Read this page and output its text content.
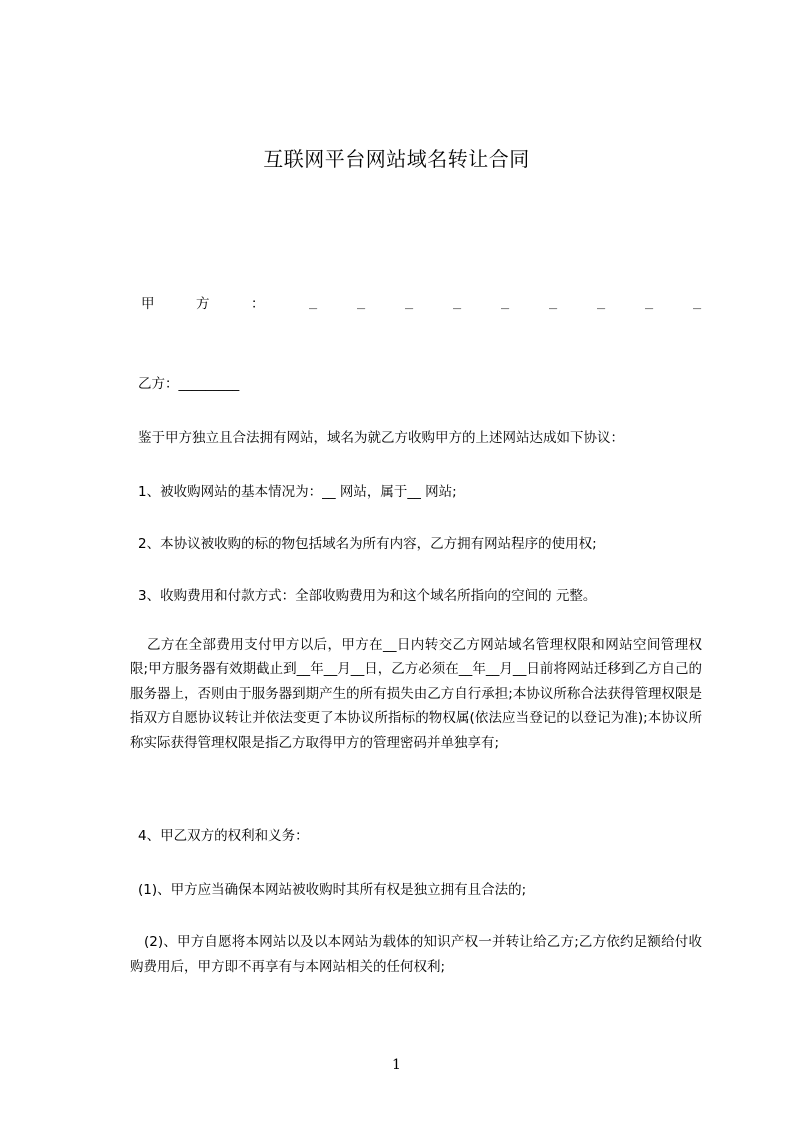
互联网平台网站域名转让合同
甲	方	：	_	_	_	_	_	_	_	_	_
乙方：_________
鉴于甲方独立且合法拥有网站，域名为就乙方收购甲方的上述网站达成如下协议：
1、被收购网站的基本情况为：__ 网站，属于__ 网站;
2、本协议被收购的标的物包括域名为所有内容，乙方拥有网站程序的使用权;
3、收购费用和付款方式：全部收购费用为和这个域名所指向的空间的 元整。
乙方在全部费用支付甲方以后，甲方在__日内转交乙方网站域名管理权限和网站空间管理权限;甲方服务器有效期截止到__年__月__日，乙方必须在__年__月__日前将网站迁移到乙方自己的服务器上，否则由于服务器到期产生的所有损失由乙方自行承担;本协议所称合法获得管理权限是指双方自愿协议转让并依法变更了本协议所指标的物权属(依法应当登记的以登记为准);本协议所称实际获得管理权限是指乙方取得甲方的管理密码并单独享有;
4、甲乙双方的权利和义务：
(1)、甲方应当确保本网站被收购时其所有权是独立拥有且合法的;
(2)、甲方自愿将本网站以及以本网站为载体的知识产权一并转让给乙方;乙方依约足额给付收购费用后，甲方即不再享有与本网站相关的任何权利;
1
